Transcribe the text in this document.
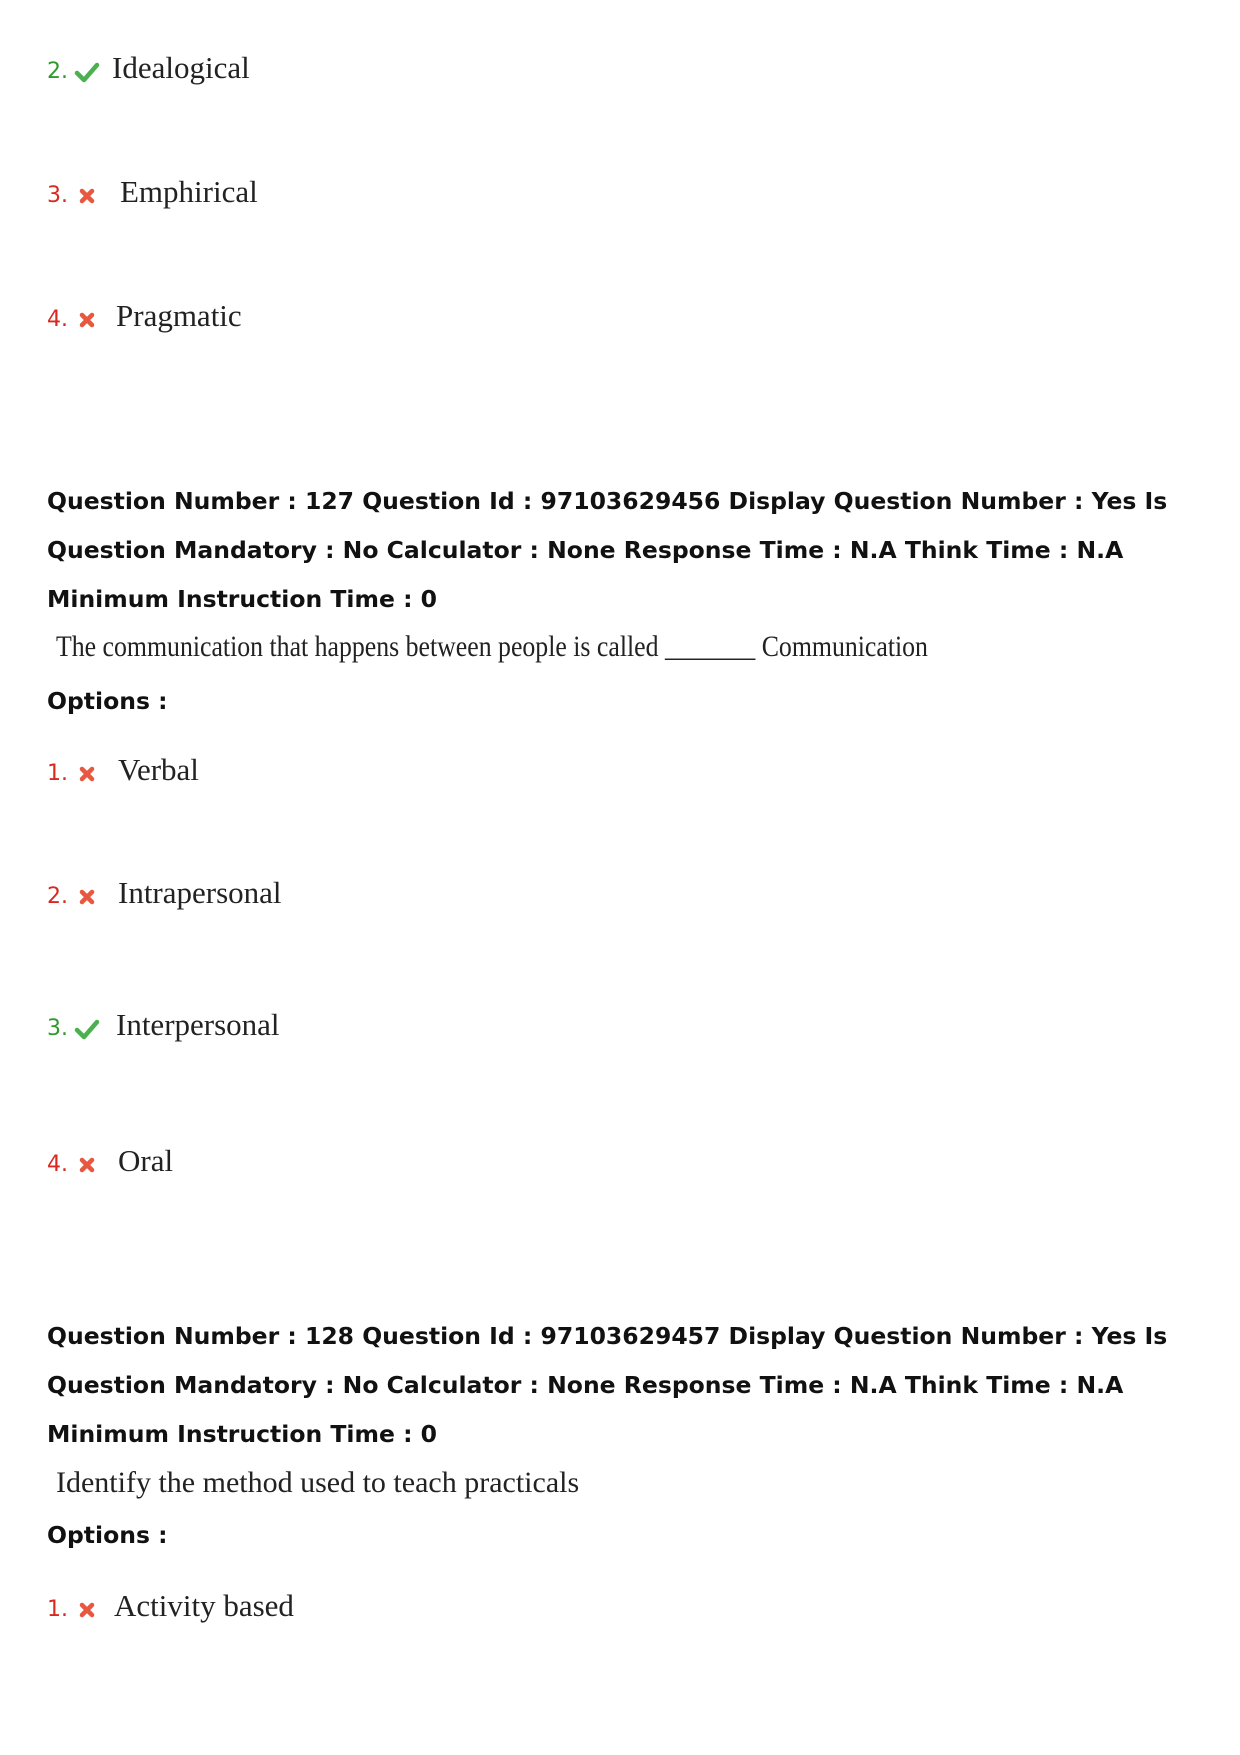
2. Idealogical
3. Emphirical
4. Pragmatic
Question Number : 127 Question Id : 97103629456 Display Question Number : Yes Is Question Mandatory : No Calculator : None Response Time : N.A Think Time : N.A Minimum Instruction Time : 0
The communication that happens between people is called _______ Communication
Options :
1. Verbal
2. Intrapersonal
3. Interpersonal
4. Oral
Question Number : 128 Question Id : 97103629457 Display Question Number : Yes Is Question Mandatory : No Calculator : None Response Time : N.A Think Time : N.A Minimum Instruction Time : 0
Identify the method used to teach practicals
Options :
1. Activity based
